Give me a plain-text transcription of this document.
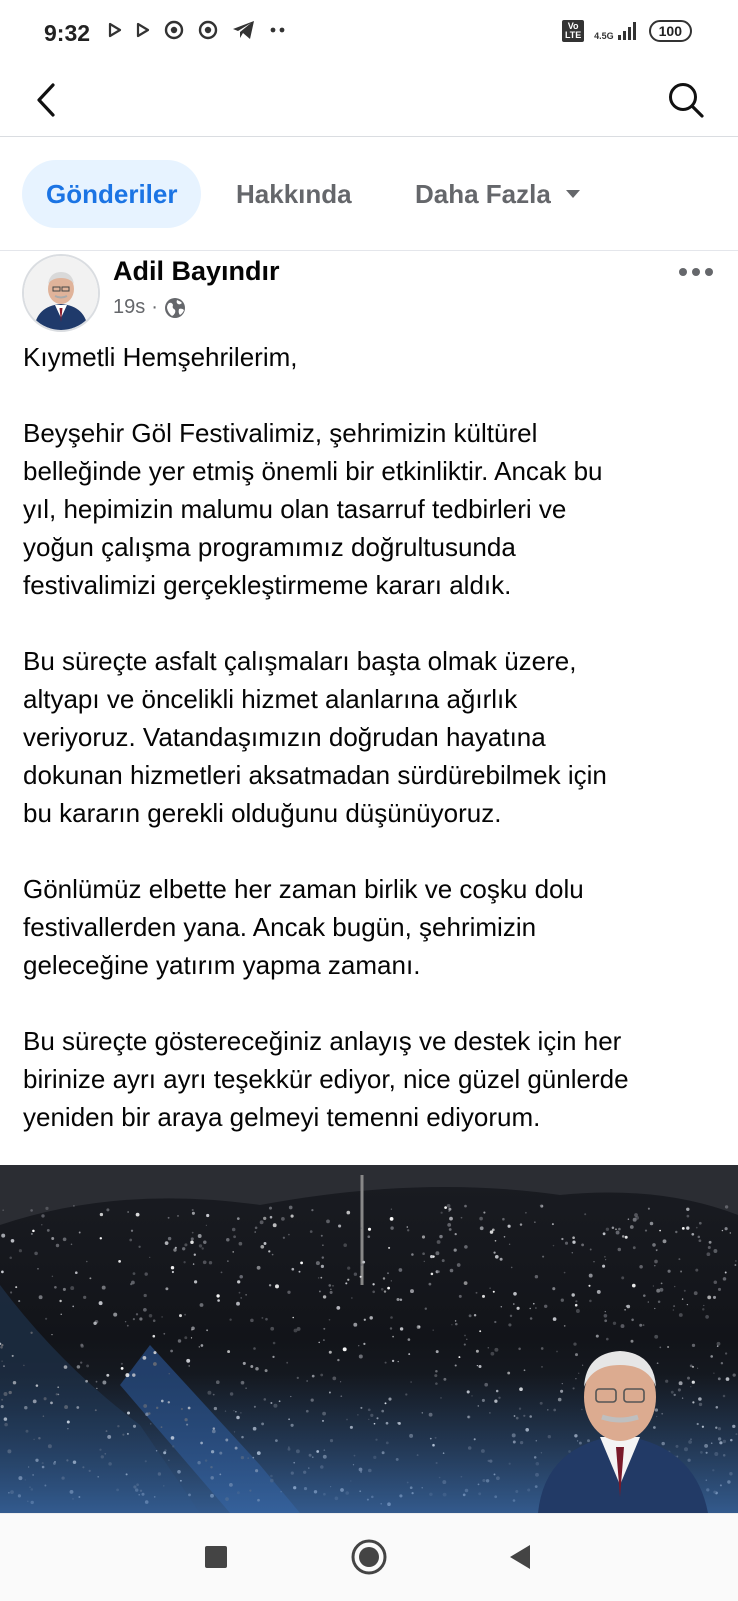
9:32	Vo LTE	4.5G	100
Gönderiler	Hakkında Daha Fazla
Adil Bayındır
19s ·

Kıymetli Hemşehrilerim,

Beyşehir Göl Festivalimiz, şehrimizin kültürel

belleğinde yer etmiş önemli bir etkinliktir. Ancak bu

yıl, hepimizin malumu olan tasarruf tedbirleri ve

yoğun çalışma programımız doğrultusunda

festivalimizi gerçekleştirmeme kararı aldık.

Bu süreçte asfalt çalışmaları başta olmak üzere,

altyapı ve öncelikli hizmet alanlarına ağırlık

veriyoruz. Vatandaşımızın doğrudan hayatına

dokunan hizmetleri aksatmadan sürdürebilmek için

bu kararın gerekli olduğunu düşünüyoruz.

Gönlümüz elbette her zaman birlik ve coşku dolu

festivallerden yana. Ancak bugün, şehrimizin

geleceğine yatırım yapma zamanı.

Bu süreçte göstereceğiniz anlayış ve destek için her

birinize ayrı ayrı teşekkür ediyor, nice güzel günlerde

yeniden bir araya gelmeyi temenni ediyorum.
